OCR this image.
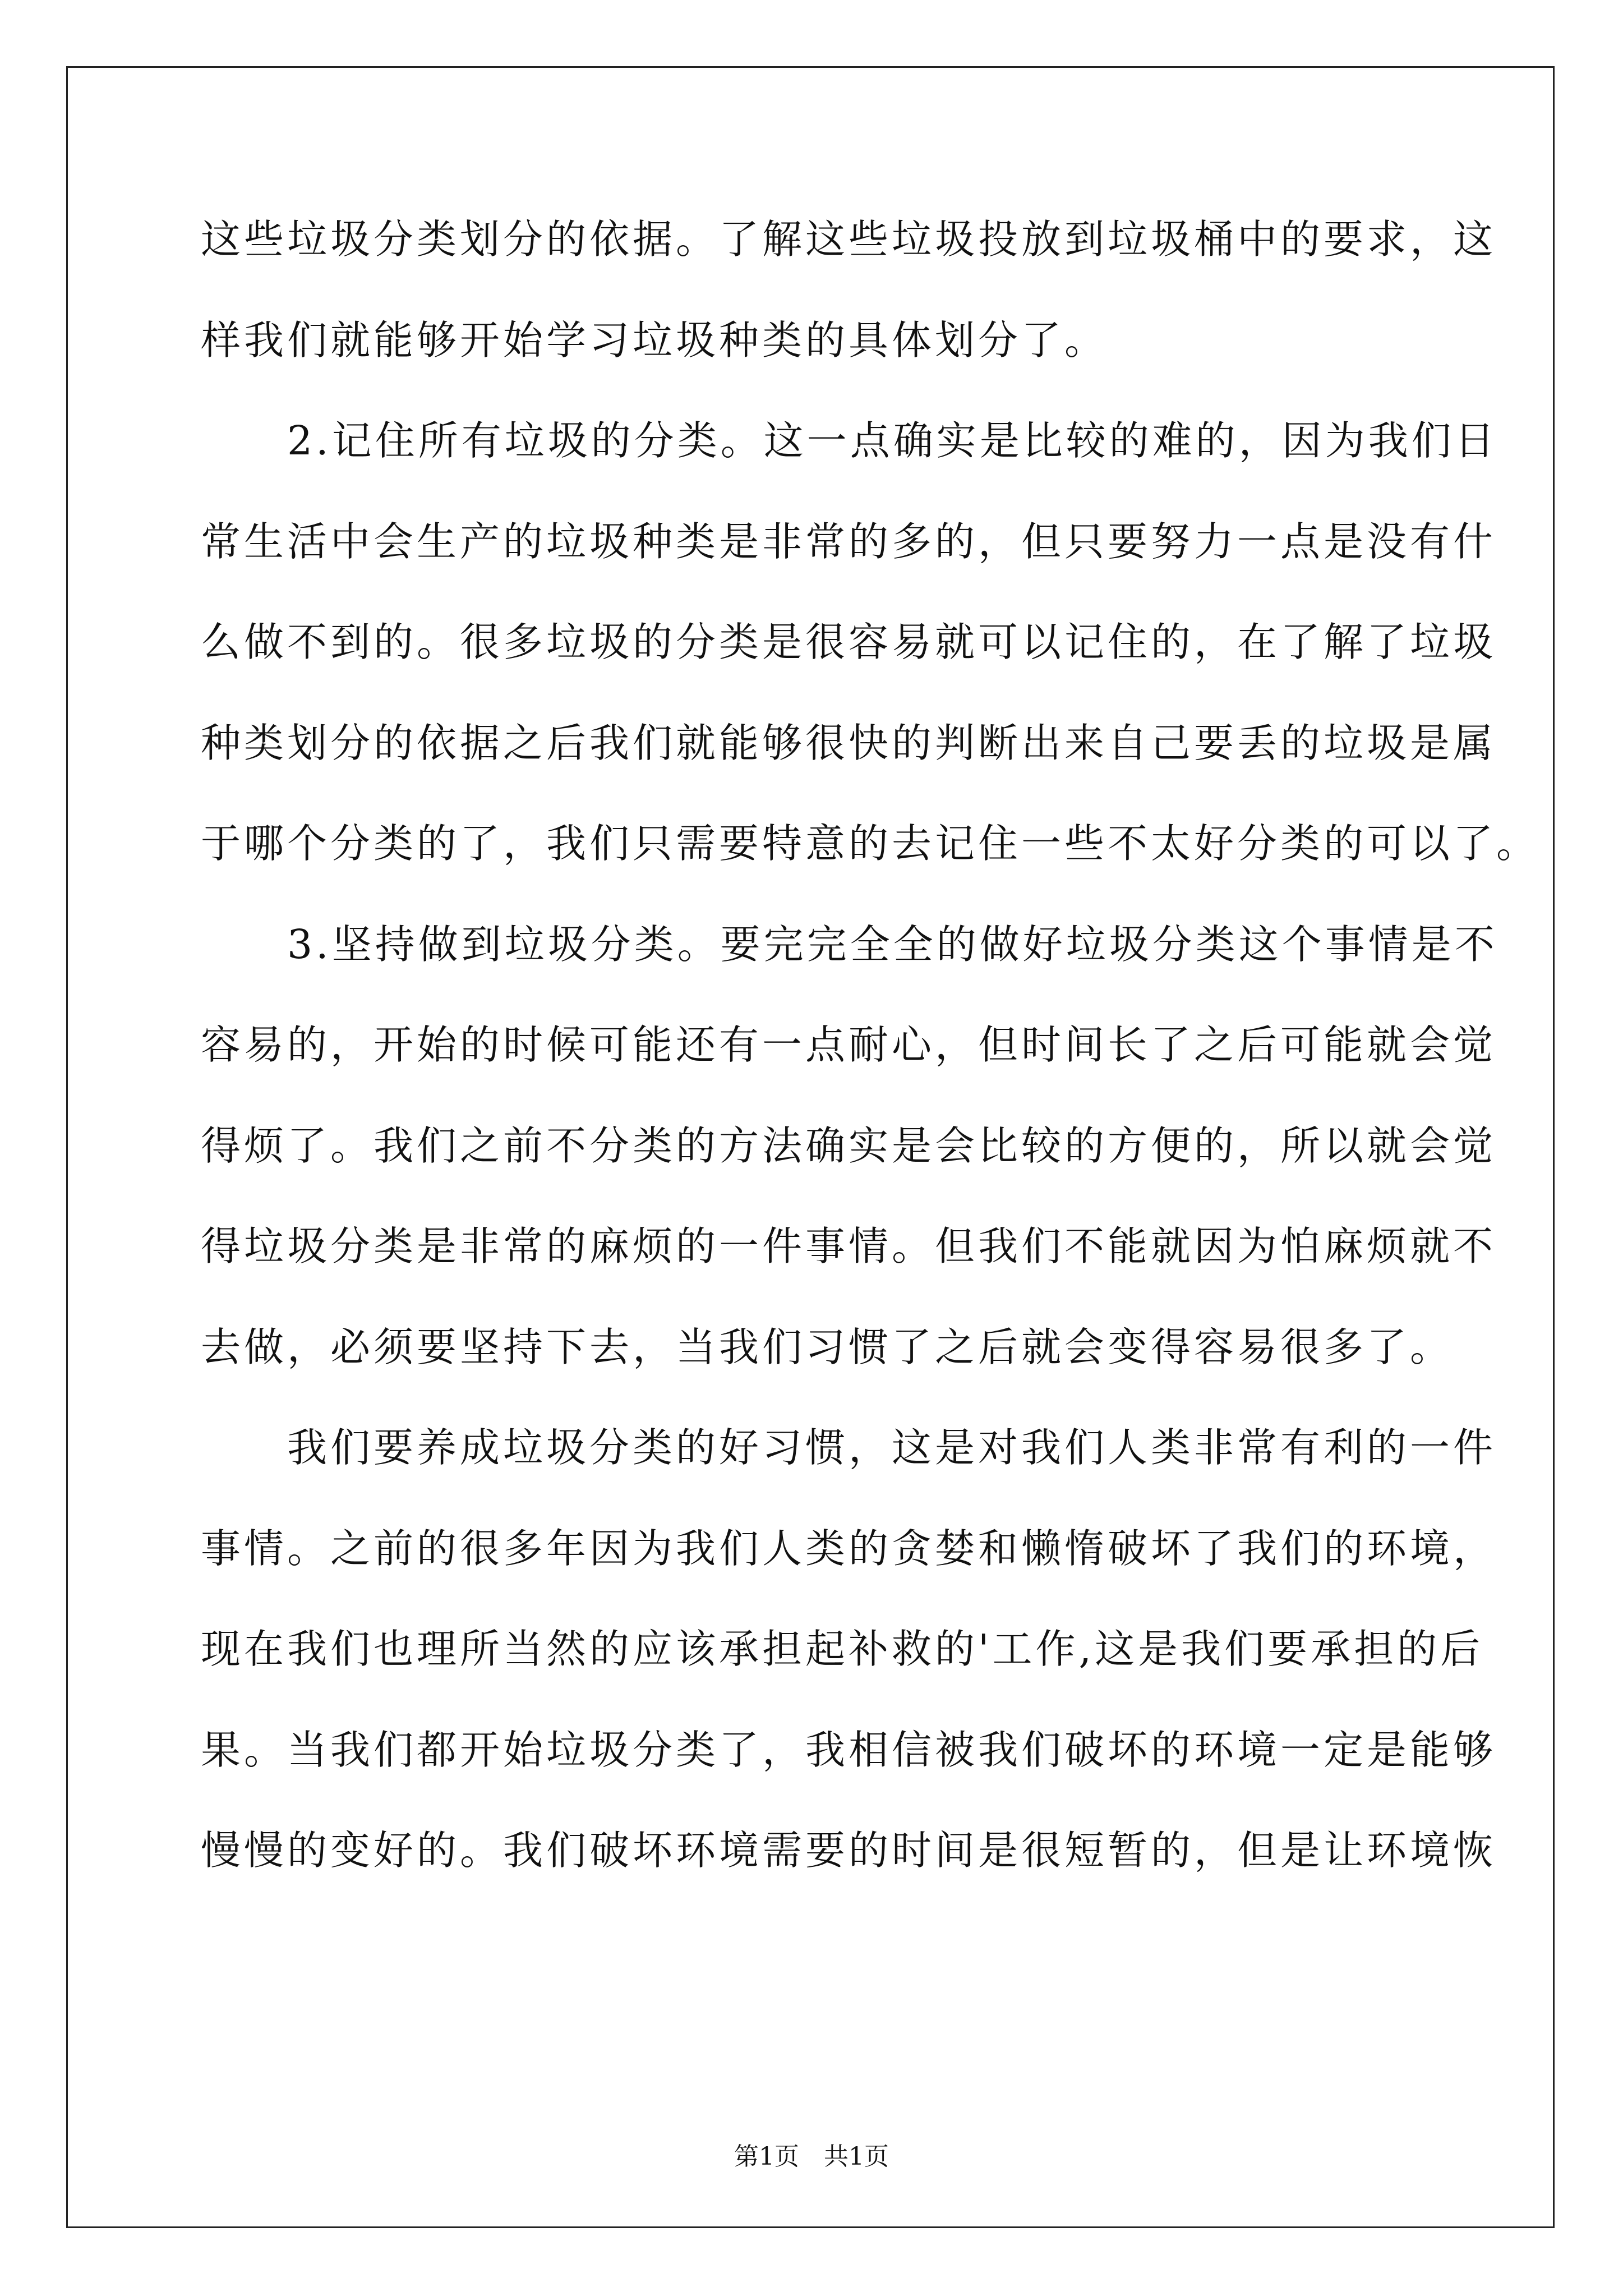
这些垃圾分类划分的依据。了解这些垃圾投放到垃圾桶中的要求，这
样我们就能够开始学习垃圾种类的具体划分了。
　　2.记住所有垃圾的分类。这一点确实是比较的难的，因为我们日
常生活中会生产的垃圾种类是非常的多的，但只要努力一点是没有什
么做不到的。很多垃圾的分类是很容易就可以记住的，在了解了垃圾
种类划分的依据之后我们就能够很快的判断出来自己要丢的垃圾是属
于哪个分类的了，我们只需要特意的去记住一些不太好分类的可以了。
　　3.坚持做到垃圾分类。要完完全全的做好垃圾分类这个事情是不
容易的，开始的时候可能还有一点耐心，但时间长了之后可能就会觉
得烦了。我们之前不分类的方法确实是会比较的方便的，所以就会觉
得垃圾分类是非常的麻烦的一件事情。但我们不能就因为怕麻烦就不
去做，必须要坚持下去，当我们习惯了之后就会变得容易很多了。
　　我们要养成垃圾分类的好习惯，这是对我们人类非常有利的一件
事情。之前的很多年因为我们人类的贪婪和懒惰破坏了我们的环境，
现在我们也理所当然的应该承担起补救的'工作,这是我们要承担的后
果。当我们都开始垃圾分类了，我相信被我们破坏的环境一定是能够
慢慢的变好的。我们破坏环境需要的时间是很短暂的，但是让环境恢
第1页　共1页
